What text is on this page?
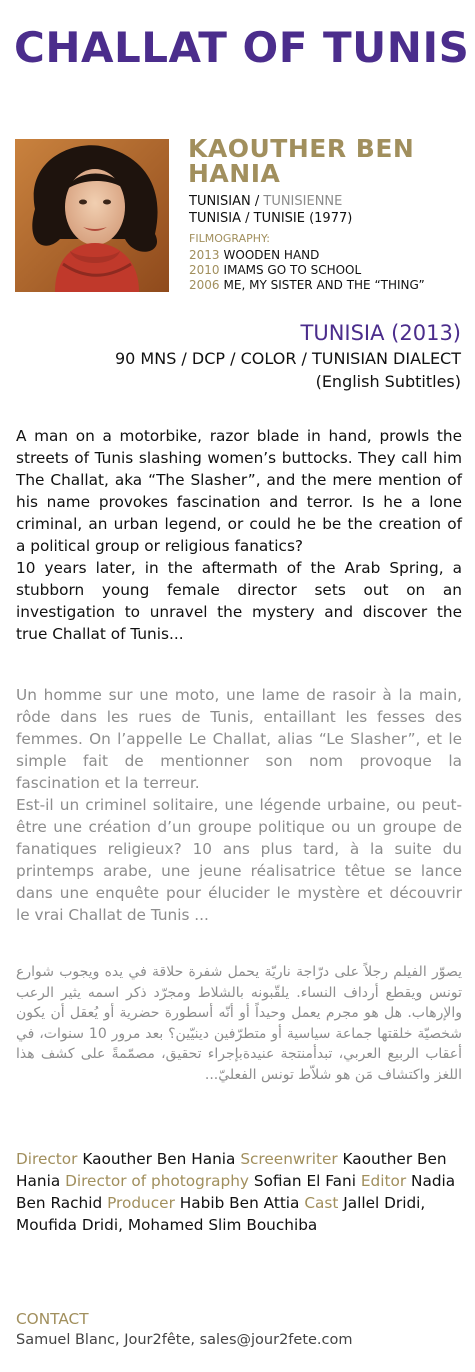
CHALLAT OF TUNIS
KAOUTHER BEN HANIA
TUNISIAN / TUNISIENNE
TUNISIA / TUNISIE (1977)
FILMOGRAPHY:
2013 WOODEN HAND
2010 IMAMS GO TO SCHOOL
2006 ME, MY SISTER AND THE “THING”
TUNISIA (2013)
90 MNS / DCP / COLOR / TUNISIAN DIALECT
(English Subtitles)

A man on a motorbike, razor blade in hand, prowls the streets of Tunis slashing women’s buttocks. They call him The Challat, aka “The Slasher”, and the mere mention of his name provokes fascination and terror. Is he a lone criminal, an urban legend, or could he be the creation of a political group or religious fanatics?

10 years later, in the aftermath of the Arab Spring, a stubborn young female director sets out on an investigation to unravel the mystery and discover the true Challat of Tunis...

Un homme sur une moto, une lame de rasoir à la main, rôde dans les rues de Tunis, entaillant les fesses des femmes. On l’appelle Le Challat, alias “Le Slasher”, et le simple fait de mentionner son nom provoque la fascination et la terreur.

Est-il un criminel solitaire, une légende urbaine, ou peut-être une création d’un groupe politique ou un groupe de fanatiques religieux? 10 ans plus tard, à la suite du printemps arabe, une jeune réalisatrice têtue se lance dans une enquête pour élucider le mystère et découvrir le vrai Challat de Tunis ...

يصوّر الفيلم رجلاً على درّاجة ناريّة يحمل شفرة حلاقة في يده ويجوب شوارع تونس ويقطع أرداف النساء. يلقّبونه بالشلاط ومجرّد ذكر اسمه يثير الرعب والإرهاب. هل هو مجرم يعمل وحيداً أو أنّه أسطورة حضرية أو يُعقل أن يكون شخصيّة خلقتها جماعة سياسية أو متطرّفين دينيّين؟ بعد مرور 10 سنوات، في أعقاب الربيع العربي، تبدأمنتجة عنيدةبإجراء تحقيق، مصمّمةً على كشف هذا اللغز واكتشاف مَن هو شلاّط تونس الفعليّ...

Director Kaouther Ben Hania Screenwriter Kaouther Ben Hania Director of photography Sofian El Fani Editor Nadia Ben Rachid Producer Habib Ben Attia Cast Jallel Dridi, Moufida Dridi, Mohamed Slim Bouchiba

CONTACT
Samuel Blanc, Jour2fête, sales@jour2fete.com
